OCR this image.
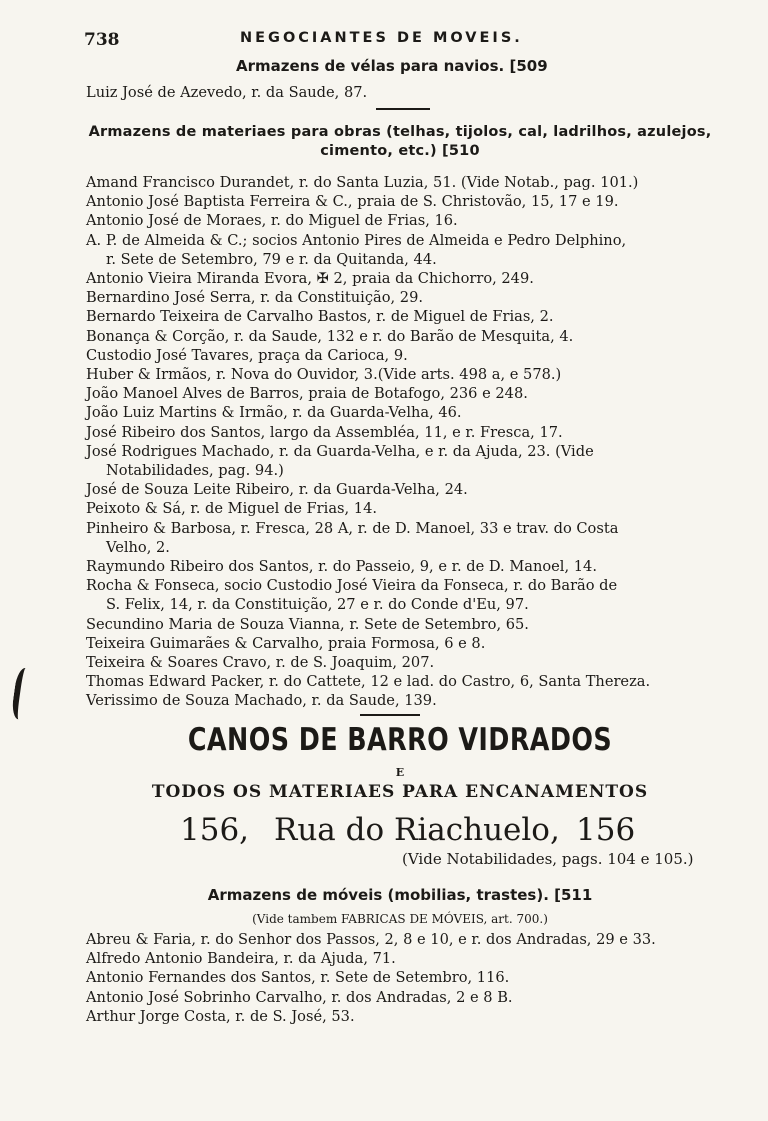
738	NEGOCIANTES DE MOVEIS.
Armazens de vélas para navios. [509
Luiz José de Azevedo, r. da Saude, 87.
Armazens de materiaes para obras (telhas, tijolos, cal, ladrilhos, azulejos,
cimento, etc.) [510
Amand Francisco Durandet, r. do Santa Luzia, 51. (Vide Notab., pag. 101.)
Antonio José Baptista Ferreira & C., praia de S. Christovão, 15, 17 e 19.
Antonio José de Moraes, r. do Miguel de Frias, 16.
A. P. de Almeida & C.; socios Antonio Pires de Almeida e Pedro Delphino,
r. Sete de Setembro, 79 e r. da Quitanda, 44.
Antonio Vieira Miranda Evora, ✠ 2, praia da Chichorro, 249.
Bernardino José Serra, r. da Constituição, 29.
Bernardo Teixeira de Carvalho Bastos, r. de Miguel de Frias, 2.
Bonança & Corção, r. da Saude, 132 e r. do Barão de Mesquita, 4.
Custodio José Tavares, praça da Carioca, 9.
Huber & Irmãos, r. Nova do Ouvidor, 3.(Vide arts. 498 a, e 578.)
João Manoel Alves de Barros, praia de Botafogo, 236 e 248.
João Luiz Martins & Irmão, r. da Guarda-Velha, 46.
José Ribeiro dos Santos, largo da Assembléa, 11, e r. Fresca, 17.
José Rodrigues Machado, r. da Guarda-Velha, e r. da Ajuda, 23. (Vide
Notabilidades, pag. 94.)
José de Souza Leite Ribeiro, r. da Guarda-Velha, 24.
Peixoto & Sá, r. de Miguel de Frias, 14.
Pinheiro & Barbosa, r. Fresca, 28 A, r. de D. Manoel, 33 e trav. do Costa
Velho, 2.
Raymundo Ribeiro dos Santos, r. do Passeio, 9, e r. de D. Manoel, 14.
Rocha & Fonseca, socio Custodio José Vieira da Fonseca, r. do Barão de
S. Felix, 14, r. da Constituição, 27 e r. do Conde d'Eu, 97.
Secundino Maria de Souza Vianna, r. Sete de Setembro, 65.
Teixeira Guimarães & Carvalho, praia Formosa, 6 e 8.
Teixeira & Soares Cravo, r. de S. Joaquim, 207.
Thomas Edward Packer, r. do Cattete, 12 e lad. do Castro, 6, Santa Thereza.
Verissimo de Souza Machado, r. da Saude, 139.
CANOS DE BARRO VIDRADOS
E
TODOS OS MATERIAES PARA ENCANAMENTOS
156, Rua do Riachuelo, 156
(Vide Notabilidades, pags. 104 e 105.)
Armazens de móveis (mobilias, trastes). [511
(Vide tambem FABRICAS DE MÓVEIS, art. 700.)
Abreu & Faria, r. do Senhor dos Passos, 2, 8 e 10, e r. dos Andradas, 29 e 33.
Alfredo Antonio Bandeira, r. da Ajuda, 71.
Antonio Fernandes dos Santos, r. Sete de Setembro, 116.
Antonio José Sobrinho Carvalho, r. dos Andradas, 2 e 8 B.
Arthur Jorge Costa, r. de S. José, 53.
